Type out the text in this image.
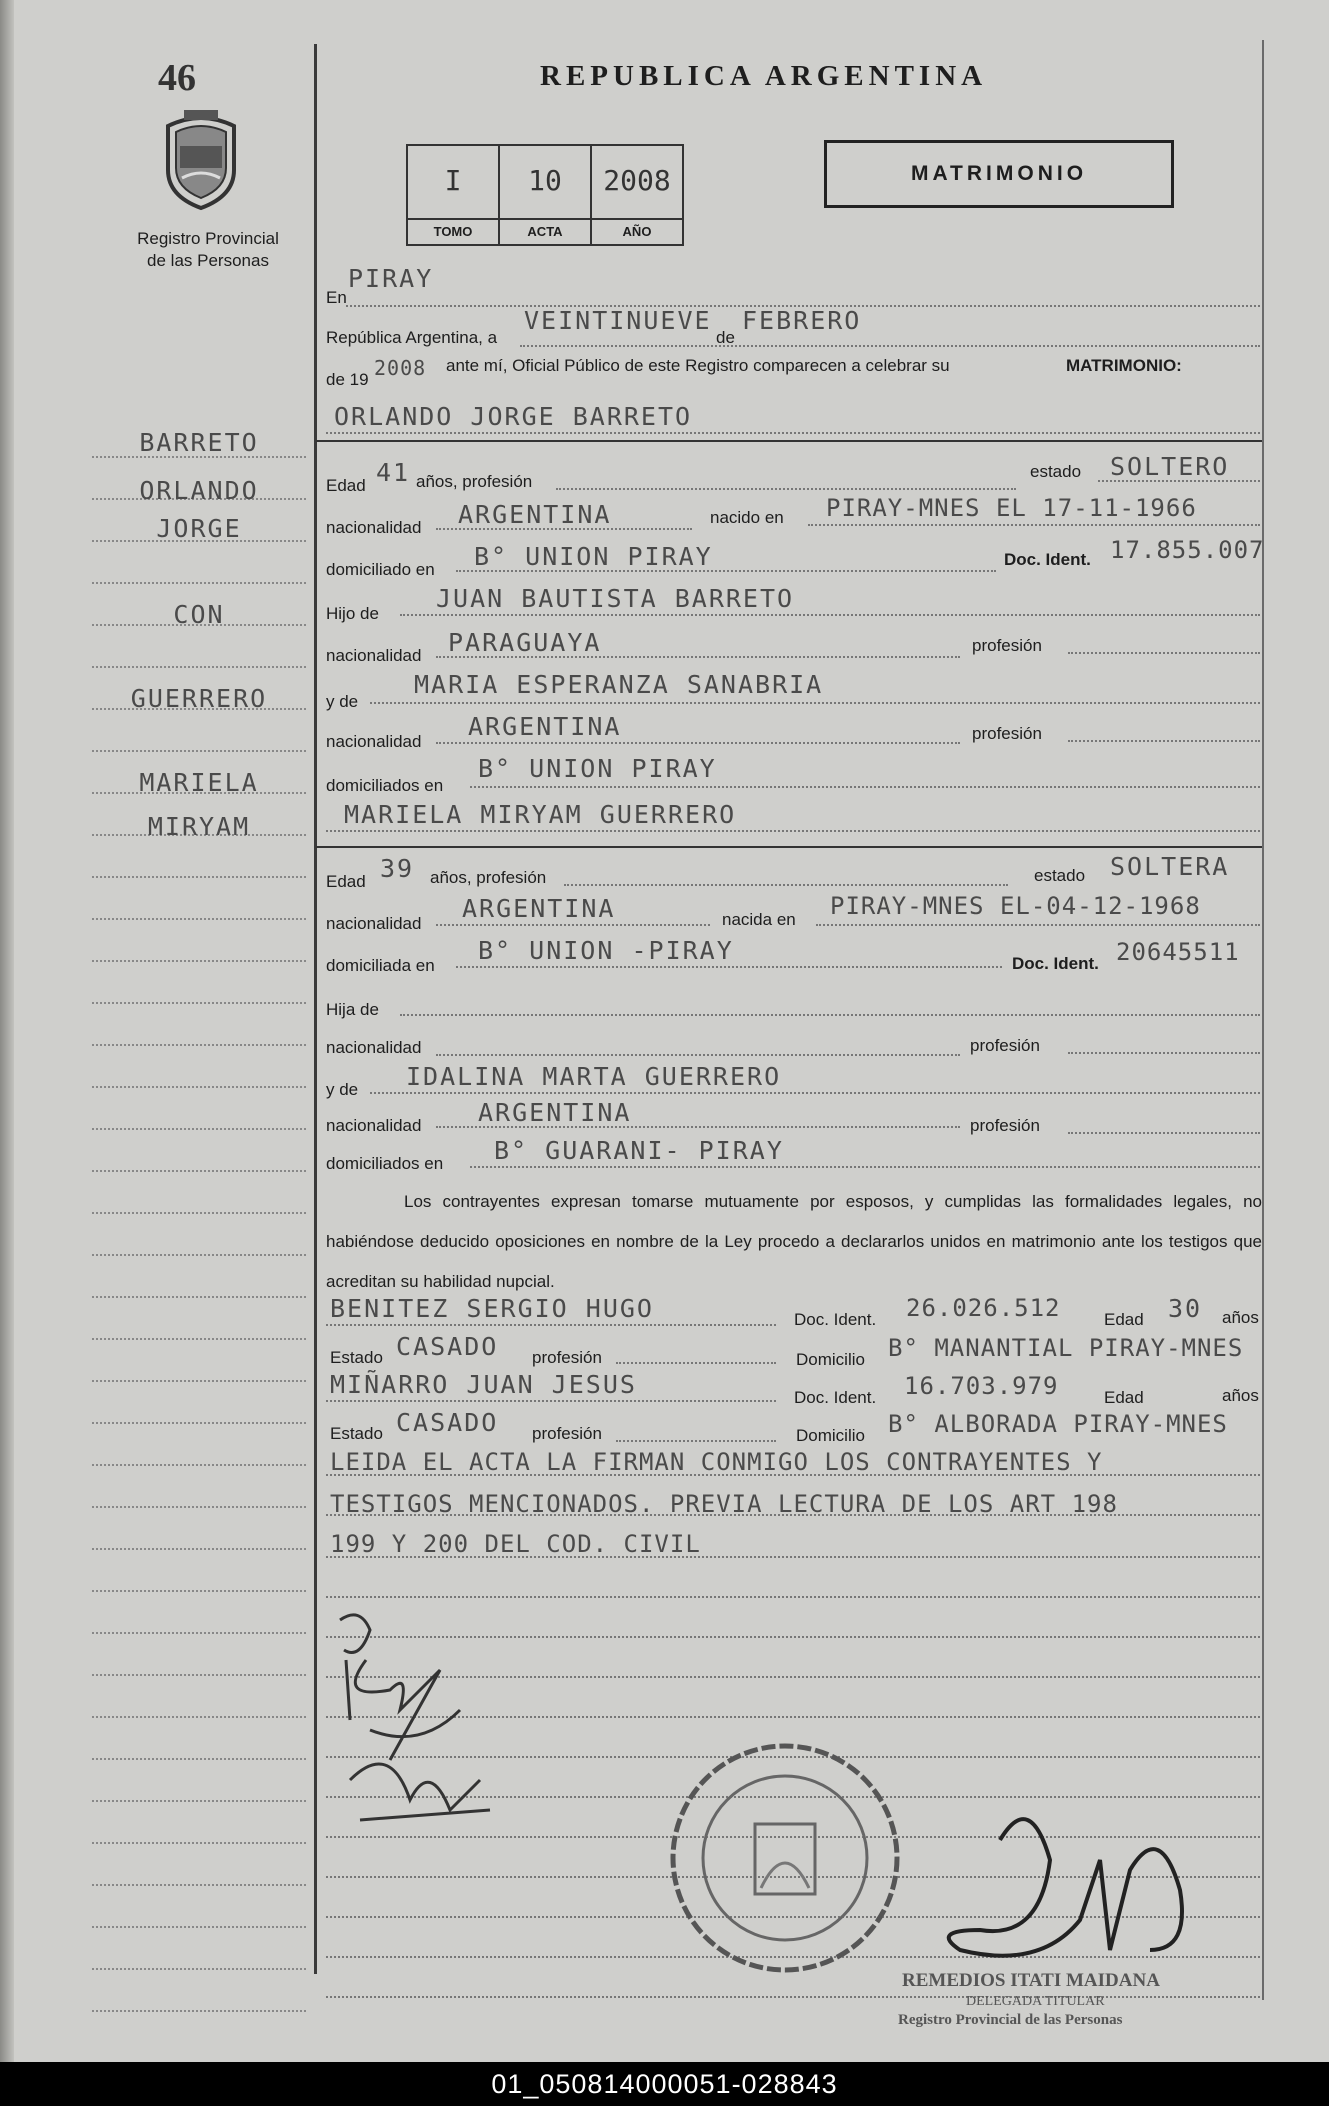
46
Registro Provincial
de las Personas
REPUBLICA ARGENTINA
I
TOMO
10
ACTA
2008
AÑO
MATRIMONIO
BARRETO
ORLANDO
JORGE
CON
GUERRERO
MARIELA
MIRYAM
En
PIRAY
República Argentina, a
VEINTINUEVE
de
FEBRERO
de 19 2008 ante mí, Oficial Público de este Registro comparecen a celebrar su	MATRIMONIO:
ORLANDO JORGE BARRETO
Edad 41 años, profesión
estado SOLTERO
nacionalidad ARGENTINA	nacido en PIRAY-MNES EL 17-11-1966
domiciliado en B° UNION PIRAY	Doc. Ident. 17.855.007
Hijo de
JUAN BAUTISTA BARRETO
nacionalidad PARAGUAYA	profesión
y de
MARIA ESPERANZA SANABRIA
nacionalidad
ARGENTINA	profesión
domiciliados en
B° UNION PIRAY
MARIELA MIRYAM GUERRERO
Edad 39 años, profesión	estado SOLTERA
nacionalidad
ARGENTINA	nacida en PIRAY-MNES EL-04-12-1968
domiciliada en
B° UNION -PIRAY	Doc. Ident. 20645511
Hija de
nacionalidad	profesión
y de IDALINA MARTA GUERRERO
nacionalidad ARGENTINA	profesión
domiciliados en B° GUARANI- PIRAY
Los contrayentes expresan tomarse mutuamente por esposos, y cumplidas las formalidades legales, no habiéndose deducido oposiciones en nombre de la Ley procedo a declararlos unidos en matrimonio ante los testigos que acreditan su habilidad nupcial.
BENITEZ SERGIO HUGO	Doc. Ident. 26.026.512	Edad 30 años
Estado CASADO profesión	Domicilio B° MANANTIAL PIRAY-MNES
MIÑARRO JUAN JESUS	Doc. Ident. 16.703.979	Edad	años
Estado CASADO profesión	Domicilio B° ALBORADA PIRAY-MNES
LEIDA EL ACTA LA FIRMAN CONMIGO LOS CONTRAYENTES Y
TESTIGOS MENCIONADOS. PREVIA LECTURA DE LOS ART 198
199 Y 200 DEL COD. CIVIL
REMEDIOS ITATI MAIDANA
DELEGADA TITULAR
Registro Provincial de las Personas
01_050814000051-028843
